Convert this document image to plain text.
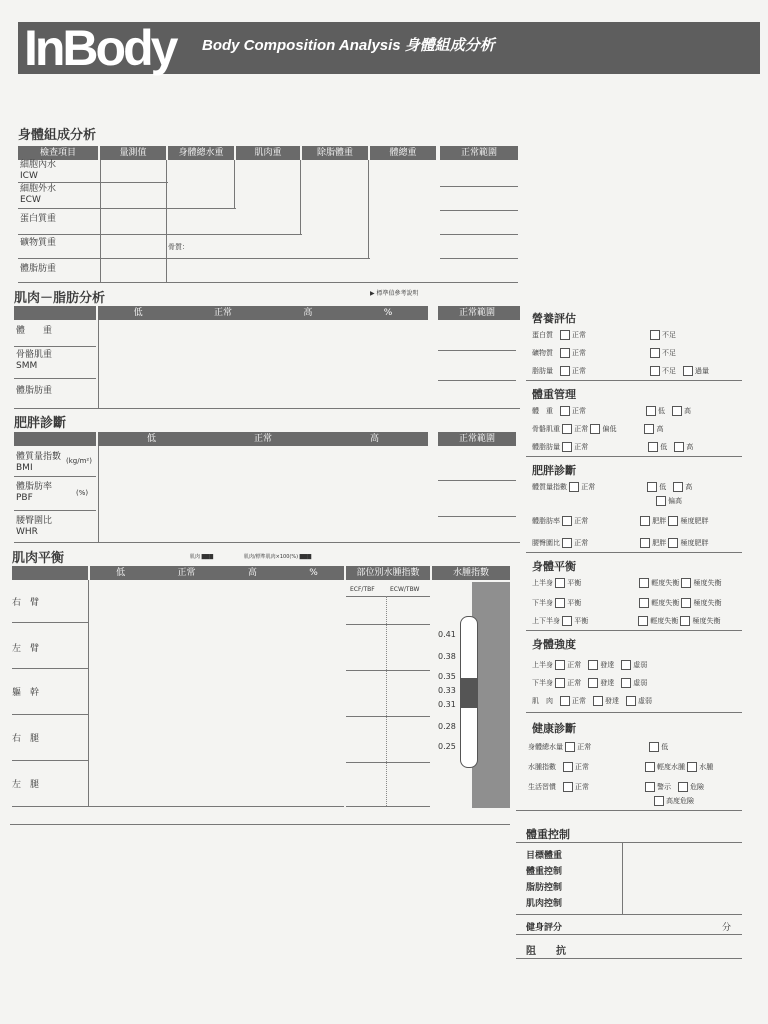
InBody Body Composition Analysis 身體組成分析
身體組成分析
檢查項目	量測值	身體總水重	肌肉重	除脂體重	體總重	正常範圍
細胞內水
ICW
細胞外水
ECW
蛋白質重
礦物質重
體脂肪重
骨質：
肌肉－脂肪分析	▶ 標準值參考說明
低	正常	高	%	正常範圍
體　　重
骨骼肌重
SMM
體脂肪重
肥胖診斷
低	正常	高	正常範圍
體質量指數
BMI
(kg/m²)
體脂肪率
PBF	(%)
腰臀圍比
WHR
肌肉平衡	肌肉 ▇▇▇	肌肉/標準肌肉×100(%) ▇▇▇
低	正常	高	%
右　臂
左　臂
軀　幹
右　腿
左　腿
部位別水腫指數
ECF/TBF	ECW/TBW
水腫指數
0.41
0.38
0.35
0.33
0.31
0.28
0.25
營養評估
蛋白質　	正常	不足
礦物質　	正常	不足
脂肪量　	正常	不足　	過量
體重管理
體　重　	正常	低　	高
骨骼肌重 正常 偏低	高
體脂肪量 正常	低　	高
肥胖診斷
體質量指數 正常	低　	高
偏高
體脂肪率 正常	肥胖 極度肥胖
腰臀圍比 正常	肥胖 極度肥胖
身體平衡
上半身 平衡	輕度失衡 極度失衡
下半身 平衡	輕度失衡 極度失衡
上下半身 平衡	輕度失衡 極度失衡
身體強度
上半身 正常　	發達　	虛弱
下半身 正常　	發達　	虛弱
肌　肉　	正常　	發達　	虛弱
健康診斷
身體總水量 正常	低
水腫指數　	正常	輕度水腫 水腫
生活習慣　	正常	警示　	危險
高度危險
體重控制
目標體重
體重控制
脂肪控制
肌肉控制
健身評分	分
阻　　抗
